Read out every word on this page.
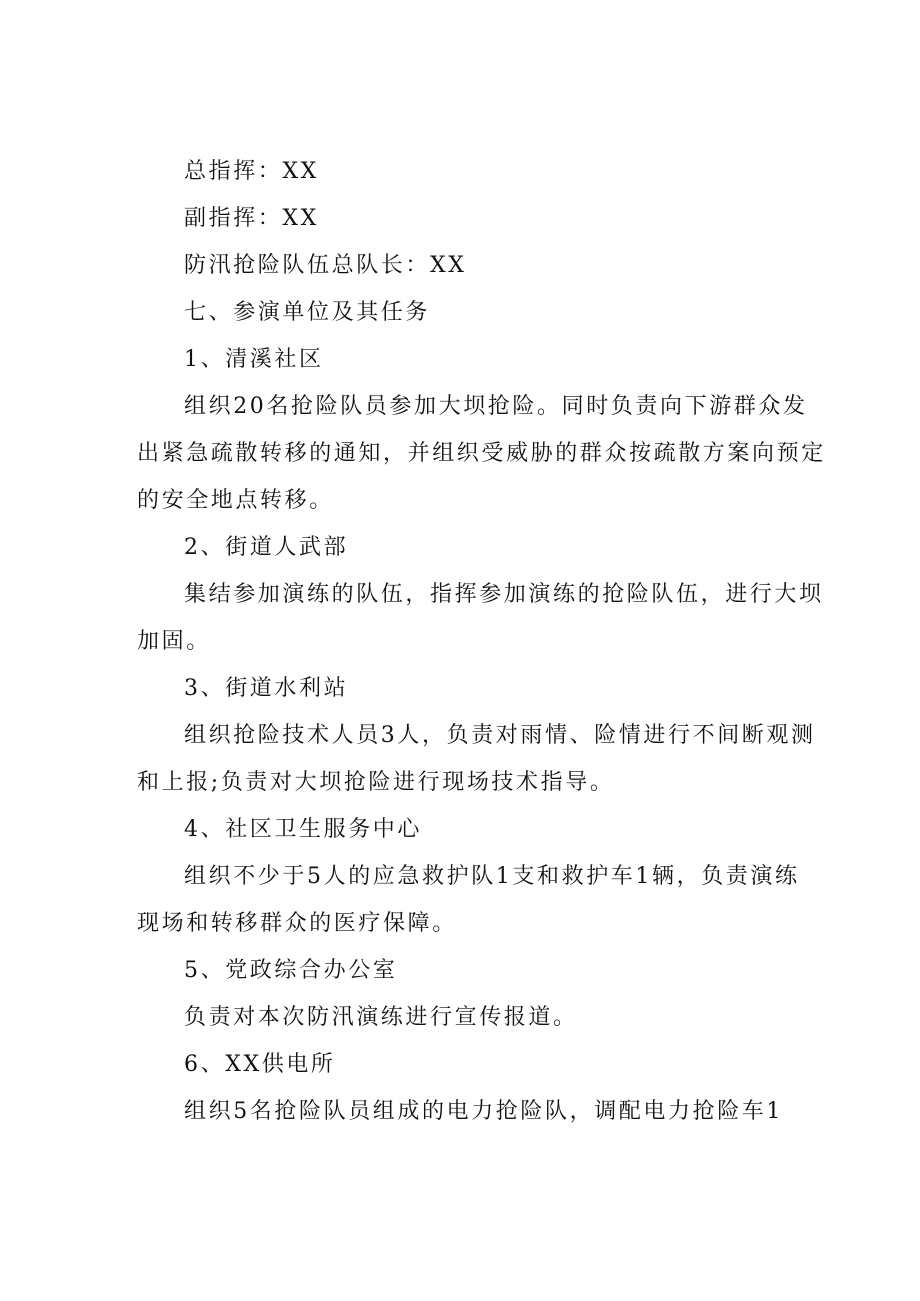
总指挥：XX

副指挥：XX

防汛抢险队伍总队长：XX

七、参演单位及其任务

1、清溪社区

组织20名抢险队员参加大坝抢险。同时负责向下游群众发

出紧急疏散转移的通知，并组织受威胁的群众按疏散方案向预定

的安全地点转移。

2、街道人武部

集结参加演练的队伍，指挥参加演练的抢险队伍，进行大坝

加固。

3、街道水利站

组织抢险技术人员3人，负责对雨情、险情进行不间断观测

和上报;负责对大坝抢险进行现场技术指导。

4、社区卫生服务中心

组织不少于5人的应急救护队1支和救护车1辆，负责演练

现场和转移群众的医疗保障。

5、党政综合办公室

负责对本次防汛演练进行宣传报道。

6、XX供电所

组织5名抢险队员组成的电力抢险队，调配电力抢险车1
